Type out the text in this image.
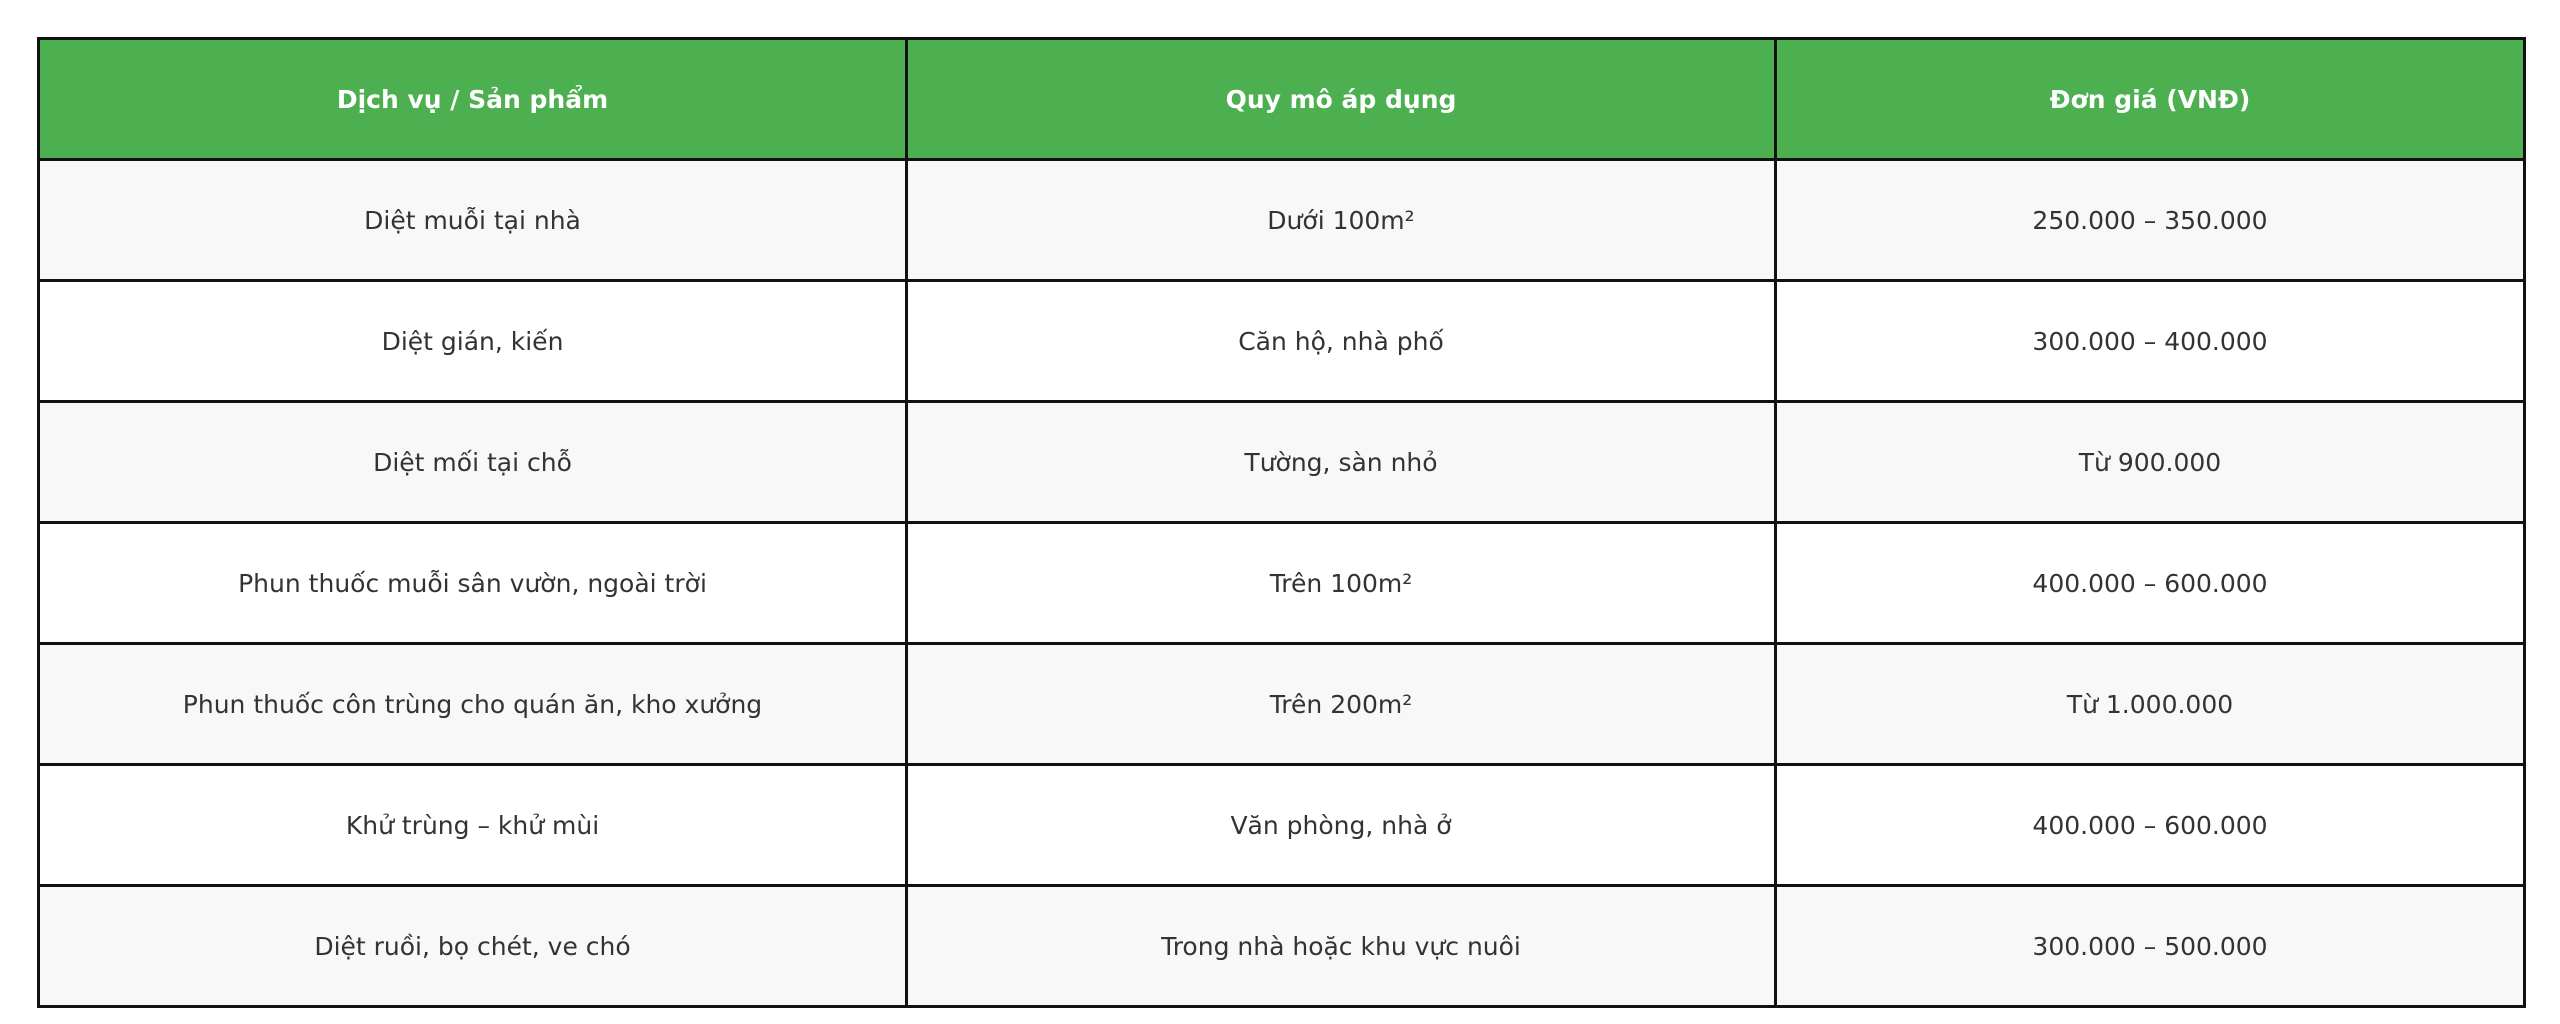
Dịch vụ / Sản phẩm	Quy mô áp dụng	Đơn giá (VNĐ)
Diệt muỗi tại nhà	Dưới 100m²	250.000 – 350.000
Diệt gián, kiến	Căn hộ, nhà phố	300.000 – 400.000
Diệt mối tại chỗ	Tường, sàn nhỏ	Từ 900.000
Phun thuốc muỗi sân vườn, ngoài trời	Trên 100m²	400.000 – 600.000
Phun thuốc côn trùng cho quán ăn, kho xưởng	Trên 200m²	Từ 1.000.000
Khử trùng – khử mùi	Văn phòng, nhà ở	400.000 – 600.000
Diệt ruồi, bọ chét, ve chó	Trong nhà hoặc khu vực nuôi	300.000 – 500.000
